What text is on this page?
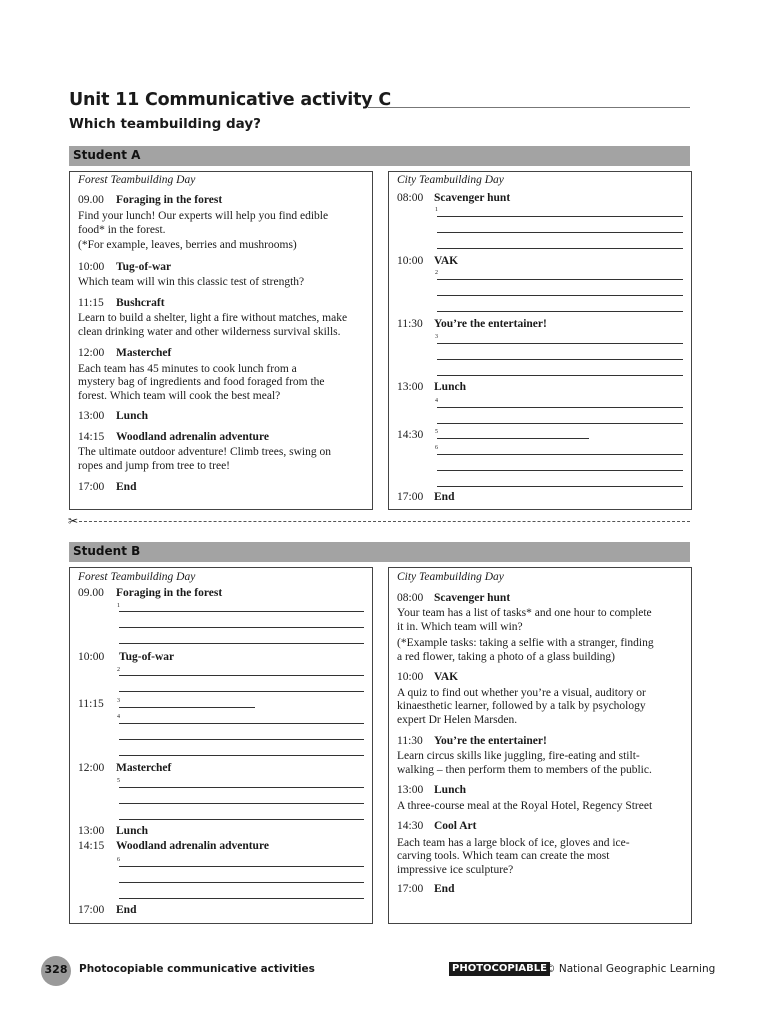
Unit 11 Communicative activity C
Which teambuilding day?
Student A
Forest Teambuilding Day
09.00 Foraging in the forest
Find your lunch! Our experts will help you find edible
food* in the forest.
(*For example, leaves, berries and mushrooms)
10:00 Tug-of-war
Which team will win this classic test of strength?
11:15 Bushcraft
Learn to build a shelter, light a fire without matches, make
clean drinking water and other wilderness survival skills.
12:00 Masterchef
Each team has 45 minutes to cook lunch from a
mystery bag of ingredients and food foraged from the
forest. Which team will cook the best meal?
13:00 Lunch
14:15 Woodland adrenalin adventure
The ultimate outdoor adventure! Climb trees, swing on
ropes and jump from tree to tree!
17:00 End
City Teambuilding Day
08:00 Scavenger hunt
1
10:00 VAK
2
11:30 You’re the entertainer!
3
13:00 Lunch
4
14:30 5
6
17:00 End
✂
Student B
Forest Teambuilding Day
09.00 Foraging in the forest
1
10:00 Tug-of-war
2
11:15 3
4
12:00 Masterchef
5
13:00 Lunch
14:15 Woodland adrenalin adventure
6
17:00 End
City Teambuilding Day
08:00 Scavenger hunt
Your team has a list of tasks* and one hour to complete
it in. Which team will win?
(*Example tasks: taking a selfie with a stranger, finding
a red flower, taking a photo of a glass building)
10:00 VAK
A quiz to find out whether you’re a visual, auditory or
kinaesthetic learner, followed by a talk by psychology
expert Dr Helen Marsden.
11:30 You’re the entertainer!
Learn circus skills like juggling, fire-eating and stilt-
walking – then perform them to members of the public.
13:00 Lunch
A three-course meal at the Royal Hotel, Regency Street
14:30 Cool Art
Each team has a large block of ice, gloves and ice-
carving tools. Which team can create the most
impressive ice sculpture?
17:00 End
328	Photocopiable communicative activities	PHOTOCOPIABLE
© National Geographic Learning
